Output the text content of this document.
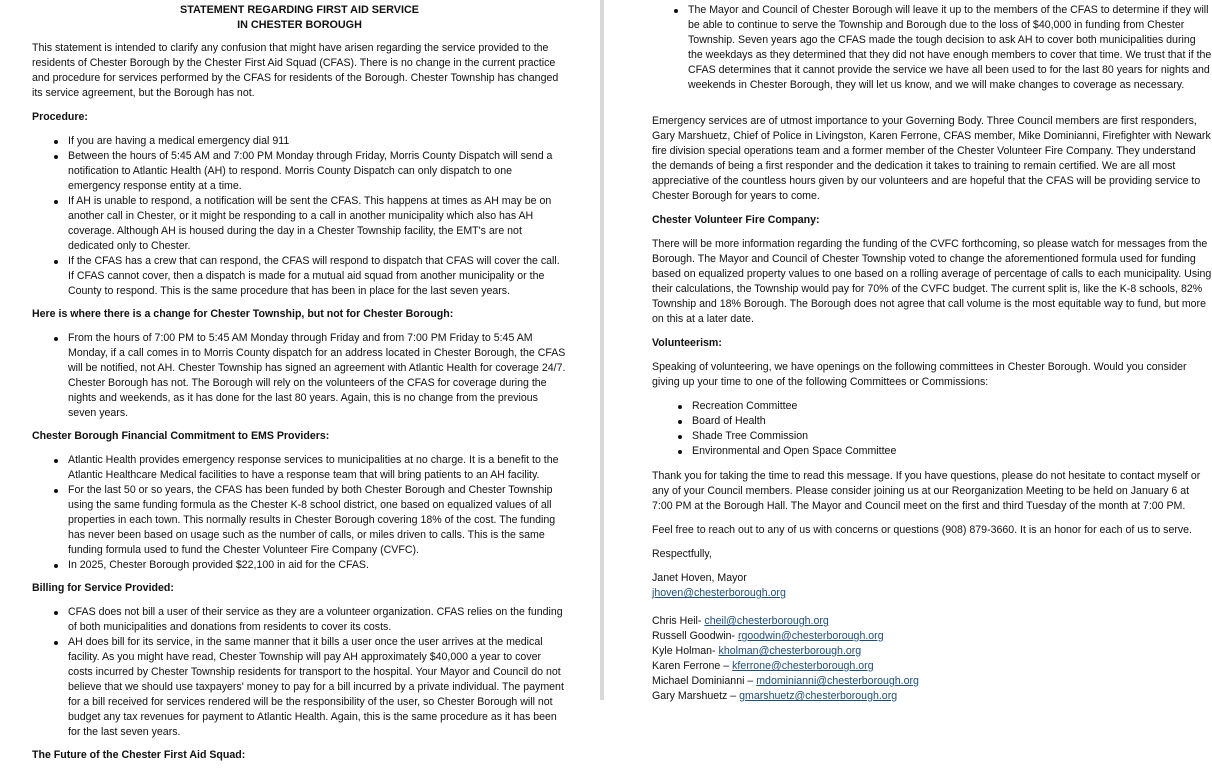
STATEMENT REGARDING FIRST AID SERVICE
IN CHESTER BOROUGH

This statement is intended to clarify any confusion that might have arisen regarding the service provided to the residents of Chester Borough by the Chester First Aid Squad (CFAS). There is no change in the current practice and procedure for services performed by the CFAS for residents of the Borough. Chester Township has changed its service agreement, but the Borough has not.

Procedure:
If you are having a medical emergency dial 911
Between the hours of 5:45 AM and 7:00 PM Monday through Friday, Morris County Dispatch will send a notification to Atlantic Health (AH) to respond. Morris County Dispatch can only dispatch to one emergency response entity at a time.
If AH is unable to respond, a notification will be sent the CFAS. This happens at times as AH may be on another call in Chester, or it might be responding to a call in another municipality which also has AH coverage. Although AH is housed during the day in a Chester Township facility, the EMT's are not dedicated only to Chester.
If the CFAS has a crew that can respond, the CFAS will respond to dispatch that CFAS will cover the call. If CFAS cannot cover, then a dispatch is made for a mutual aid squad from another municipality or the County to respond. This is the same procedure that has been in place for the last seven years.
Here is where there is a change for Chester Township, but not for Chester Borough:
From the hours of 7:00 PM to 5:45 AM Monday through Friday and from 7:00 PM Friday to 5:45 AM Monday, if a call comes in to Morris County dispatch for an address located in Chester Borough, the CFAS will be notified, not AH. Chester Township has signed an agreement with Atlantic Health for coverage 24/7. Chester Borough has not. The Borough will rely on the volunteers of the CFAS for coverage during the nights and weekends, as it has done for the last 80 years. Again, this is no change from the previous seven years.
Chester Borough Financial Commitment to EMS Providers:
Atlantic Health provides emergency response services to municipalities at no charge. It is a benefit to the Atlantic Healthcare Medical facilities to have a response team that will bring patients to an AH facility.
For the last 50 or so years, the CFAS has been funded by both Chester Borough and Chester Township using the same funding formula as the Chester K-8 school district, one based on equalized values of all properties in each town. This normally results in Chester Borough covering 18% of the cost. The funding has never been based on usage such as the number of calls, or miles driven to calls. This is the same funding formula used to fund the Chester Volunteer Fire Company (CVFC).
In 2025, Chester Borough provided $22,100 in aid for the CFAS.
Billing for Service Provided:
CFAS does not bill a user of their service as they are a volunteer organization. CFAS relies on the funding of both municipalities and donations from residents to cover its costs.
AH does bill for its service, in the same manner that it bills a user once the user arrives at the medical facility. As you might have read, Chester Township will pay AH approximately $40,000 a year to cover costs incurred by Chester Township residents for transport to the hospital. Your Mayor and Council do not believe that we should use taxpayers' money to pay for a bill incurred by a private individual. The payment for a bill received for services rendered will be the responsibility of the user, so Chester Borough will not budget any tax revenues for payment to Atlantic Health. Again, this is the same procedure as it has been for the last seven years.
The Future of the Chester First Aid Squad:
The Mayor and Council of Chester Borough will leave it up to the members of the CFAS to determine if they will be able to continue to serve the Township and Borough due to the loss of $40,000 in funding from Chester Township. Seven years ago the CFAS made the tough decision to ask AH to cover both municipalities during the weekdays as they determined that they did not have enough members to cover that time. We trust that if the CFAS determines that it cannot provide the service we have all been used to for the last 80 years for nights and weekends in Chester Borough, they will let us know, and we will make changes to coverage as necessary.

Emergency services are of utmost importance to your Governing Body. Three Council members are first responders, Gary Marshuetz, Chief of Police in Livingston, Karen Ferrone, CFAS member, Mike Dominianni, Firefighter with Newark fire division special operations team and a former member of the Chester Volunteer Fire Company. They understand the demands of being a first responder and the dedication it takes to training to remain certified. We are all most appreciative of the countless hours given by our volunteers and are hopeful that the CFAS will be providing service to Chester Borough for years to come.

Chester Volunteer Fire Company:

There will be more information regarding the funding of the CVFC forthcoming, so please watch for messages from the Borough. The Mayor and Council of Chester Township voted to change the aforementioned formula used for funding based on equalized property values to one based on a rolling average of percentage of calls to each municipality. Using their calculations, the Township would pay for 70% of the CVFC budget. The current split is, like the K-8 schools, 82% Township and 18% Borough. The Borough does not agree that call volume is the most equitable way to fund, but more on this at a later date.

Volunteerism:

Speaking of volunteering, we have openings on the following committees in Chester Borough. Would you consider giving up your time to one of the following Committees or Commissions:

Recreation Committee
Board of Health
Shade Tree Commission
Environmental and Open Space Committee

Thank you for taking the time to read this message. If you have questions, please do not hesitate to contact myself or any of your Council members. Please consider joining us at our Reorganization Meeting to be held on January 6 at 7:00 PM at the Borough Hall. The Mayor and Council meet on the first and third Tuesday of the month at 7:00 PM.

Feel free to reach out to any of us with concerns or questions (908) 879-3660. It is an honor for each of us to serve.

Respectfully,

Janet Hoven, Mayor
jhoven@chesterborough.org
Chris Heil- cheil@chesterborough.org
Russell Goodwin- rgoodwin@chesterborough.org
Kyle Holman- kholman@chesterborough.org
Karen Ferrone – kferrone@chesterborough.org
Michael Dominianni – mdominianni@chesterborough.org
Gary Marshuetz – gmarshuetz@chesterborough.org
